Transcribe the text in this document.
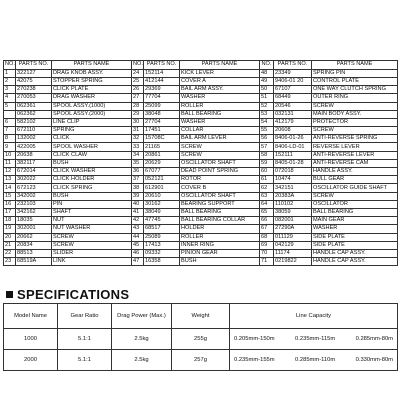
NO.	PARTS NO.	PARTS NAME	NO.	PARTS NO.	PARTS NAME	NO.	PARTS NO.	PARTS NAME
1	322127	DRAG KNOB ASSY.	24	152114	KICK LEVER	48	23349	SPRING PIN
2	42075	STOPPER SPRING	25	412144	COVER A	49	9406-01 20	CONTROL PLATE
3	270238	CLICK PLATE	26	29369	BAIL ARM ASSY.	50	67107	ONE WAY CLUTCH SPRING
4	270053	DRAG WASHER	27	77704	WASHER	51	68449	OUTER RING
5	062361	SPOOL ASSY.(1000)	28	25099	ROLLER	52	20546	SCREW
	062362	SPOOL ASSY.(2000)	29	38048	BALL BEARING	53	032131	MAIN BODY ASSY.
6	582102	LINE CLIP	30	27704	WASHER	54	412179	PROTECTOR
7	672110	SPRING	31	17451	COLLAR	55	20608	SCREW
8	132002	CLICK	32	15708C	BAIL ARM LEVER	56	8406-01-26	ANTI-REVERSE SPRING
9	422005	SPOOL WASHER	33	21165	SCREW	57	8406-LD-01	REVERSE LEVER
10	20638	CLICK CLAW	34	20861	SCREW	58	152111	ANTI-REVERSE LEVER
11	382117	BUSH	35	20629	OSCILLATOR SHAFT	59	8405-01-28	ANTI-REVERSE CAM
12	672014	CLICK WASHER	36	67077	DEAD POINT SPRING	60	072018	HANDLE ASSY.
13	302022	CLICK HOLDER	37	052121	ROTOR	61	10474	BULL GEAR
14	672123	CLICK SPRING	38	612901	COVER B	62	342151	OSCILLATOR GUIDE SHAFT
15	342002	BUSH	39	20610	OSCILLATOR SHAFT	63	20383A	SCREW
16	232103	PIN	40	30162	BEARING SUPPORT	64	110102	OSCILLATOR
17	342162	SHAFT	41	38049	BALL BEARING	65	38059	BALL BEARING
18	18035	NUT	42	47745	BALL BEARING COLLAR	66	082001	MAIN GEAR
19	302001	NUT WASHER	43	68517	HOLDER	67	27290A	WASHER
20	20662	SCREW	44	25089	ROLLER	68	011129	SIDE PLATE
21	20834	SCREW	45	17413	INNER RING	69	042129	SIDE PLATE
22	88513	SLIDER	46	09332	PINION GEAR	70	11174	HANDLE CAP ASSY.
23	68519A	LINK	47	16358	BUSH	71	0219822	HANDLE CAP ASSY.
SPECIFICATIONS
Model Name	Gear Ratio	Drag Power (Max.)	Weight	Line Capacity
1000	5.1:1	2.5kg	255g	0.205mm-150m 0.235mm-115m 0.285mm-80m

2000	5.1:1	2.5kg	257g	0.235mm-155m 0.285mm-110m 0.330mm-80m
